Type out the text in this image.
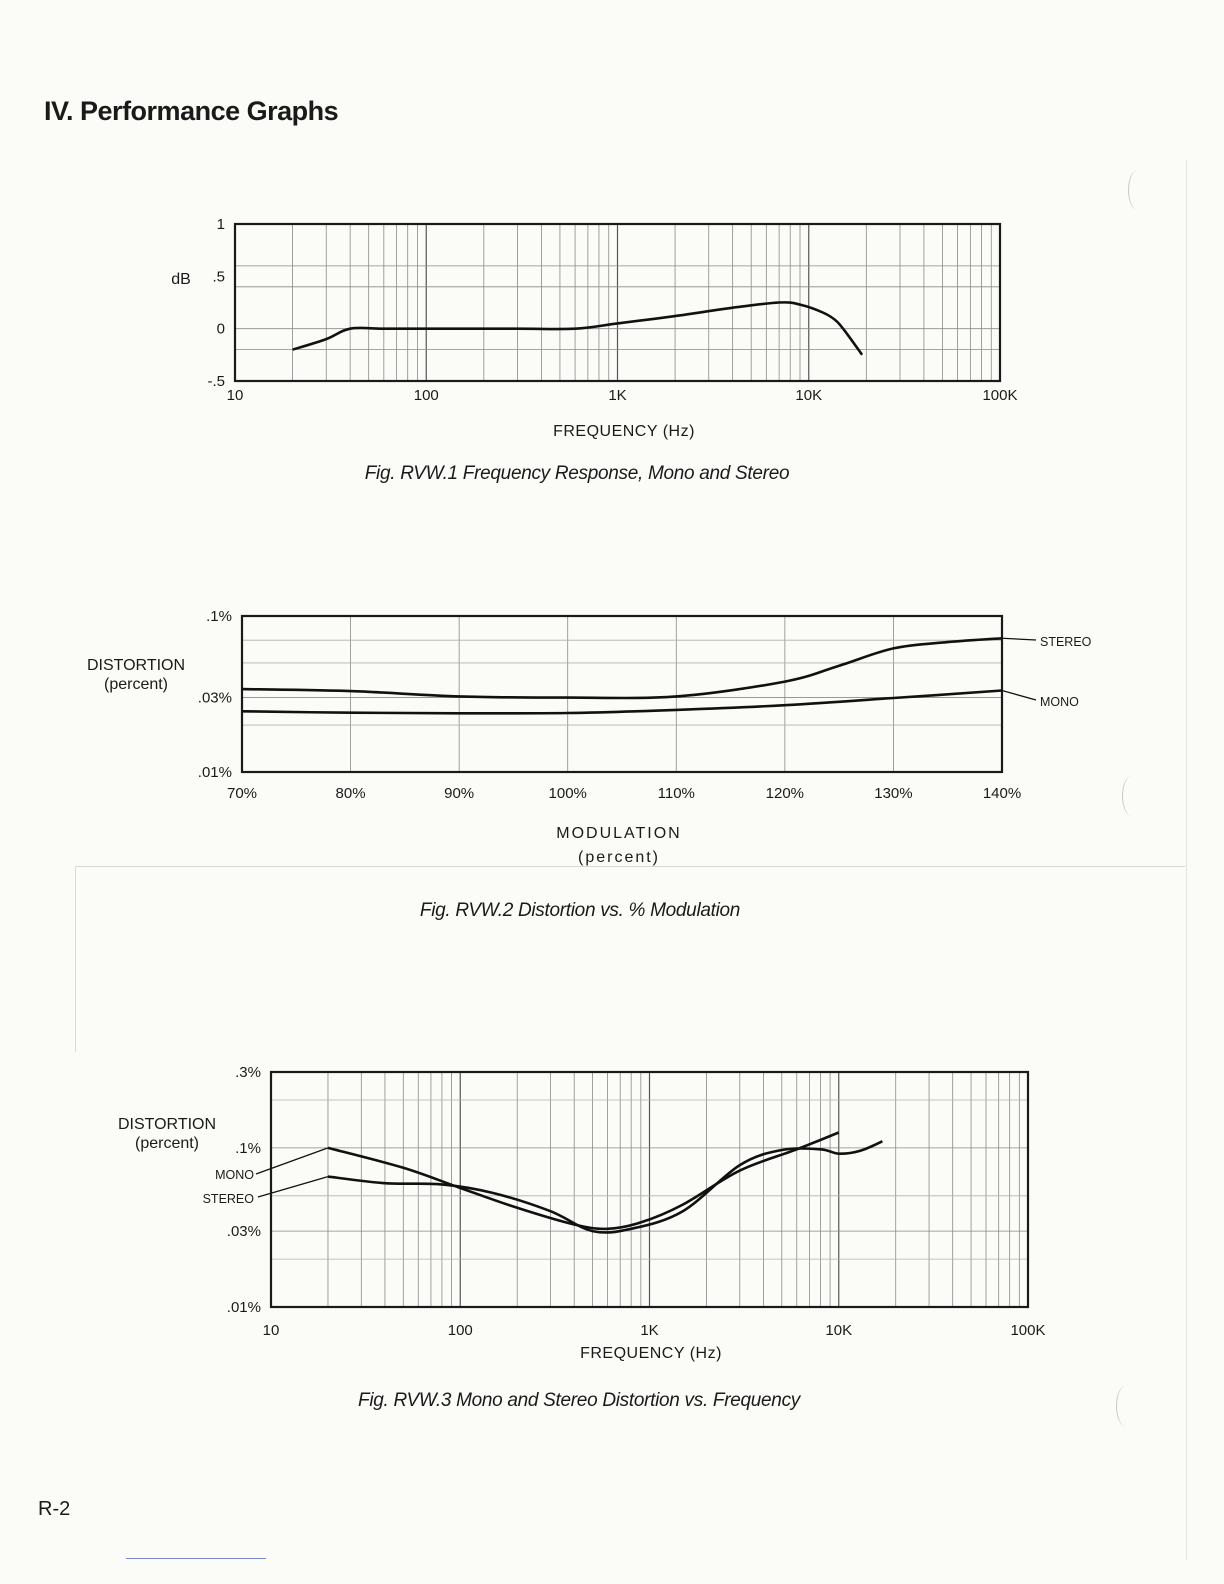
IV. Performance Graphs
10	100	1K	10K	100K
1
.5
0
-.5
FREQUENCY (Hz)
dB

Fig. RVW.1 Frequency Response, Mono and Stereo

70%	80%	90%	100%	110%	120%	130%	140%
.1%
.03%
.01%
MODULATION
(percent)
DISTORTION
(percent)
STEREO
MONO

Fig. RVW.2 Distortion vs. % Modulation

10	100	1K	10K	100K
.3%
.1%
.03%
.01%
FREQUENCY (Hz)
DISTORTION
(percent)
MONO
STEREO

Fig. RVW.3 Mono and Stereo Distortion vs. Frequency

R-2
